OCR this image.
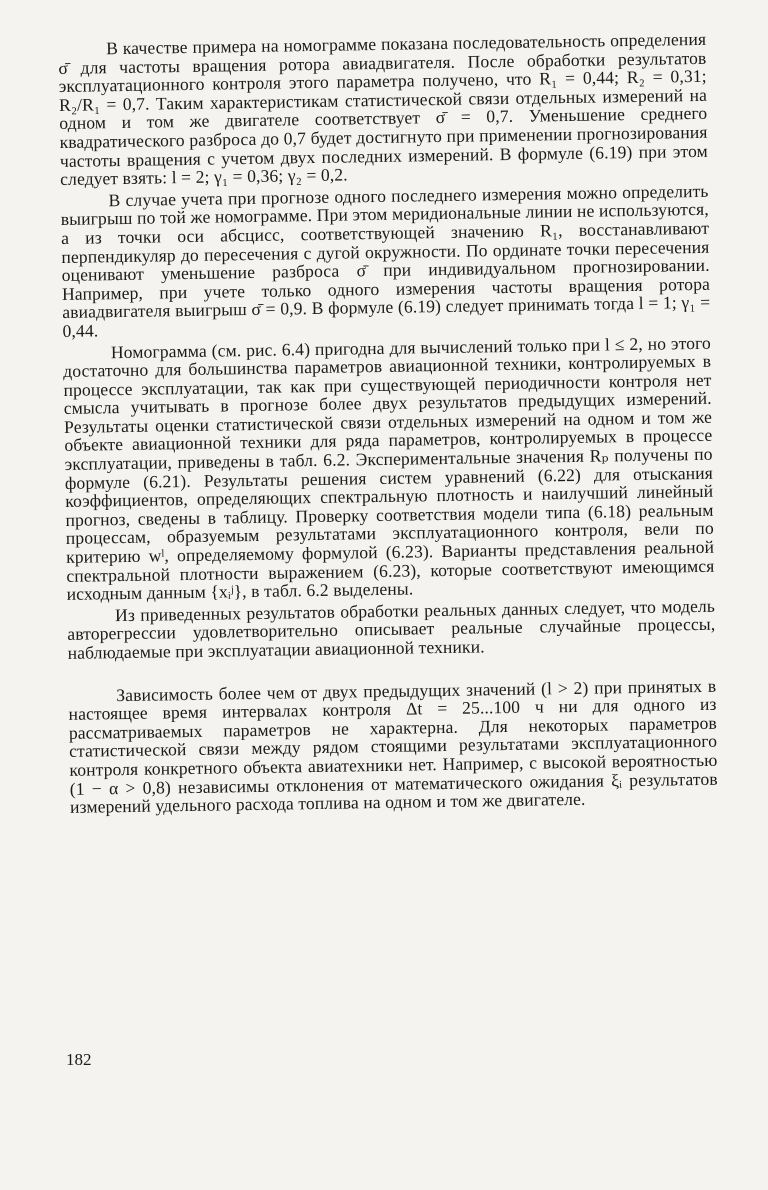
В качестве примера на номограмме показана последовательность определения σ̄ для частоты вращения ротора авиадвигателя. После обработки результатов эксплуатационного контроля этого параметра получено, что R₁ = 0,44; R₂ = 0,31; R₂/R₁ = 0,7. Таким характеристикам статистической связи отдельных измерений на одном и том же двигателе соответствует σ̄ = 0,7. Уменьшение среднего квадратического разброса до 0,7 будет достигнуто при применении прогнозирования частоты вращения с учетом двух последних измерений. В формуле (6.19) при этом следует взять: l = 2; γ₁ = 0,36; γ₂ = 0,2.

В случае учета при прогнозе одного последнего измерения можно определить выигрыш по той же номограмме. При этом меридиональные линии не используются, а из точки оси абсцисс, соответствующей значению R₁, восстанавливают перпендикуляр до пересечения с дугой окружности. По ординате точки пересечения оценивают уменьшение разброса σ̄ при индивидуальном прогнозировании. Например, при учете только одного измерения частоты вращения ротора авиадвигателя выигрыш σ̄ = 0,9. В формуле (6.19) следует принимать тогда l = 1; γ₁ = 0,44.

Номограмма (см. рис. 6.4) пригодна для вычислений только при l ≤ 2, но этого достаточно для большинства параметров авиационной техники, контролируемых в процессе эксплуатации, так как при существующей периодичности контроля нет смысла учитывать в прогнозе более двух результатов предыдущих измерений. Результаты оценки статистической связи отдельных измерений на одном и том же объекте авиационной техники для ряда параметров, контролируемых в процессе эксплуатации, приведены в табл. 6.2. Экспериментальные значения Rₚ получены по формуле (6.21). Результаты решения систем уравнений (6.22) для отыскания коэффициентов, определяющих спектральную плотность и наилучший линейный прогноз, сведены в таблицу. Проверку соответствия модели типа (6.18) реальным процессам, образуемым результатами эксплуатационного контроля, вели по критерию wˡ, определяемому формулой (6.23). Варианты представления реальной спектральной плотности выражением (6.23), которые соответствуют имеющимся исходным данным {xᵢʲ}, в табл. 6.2 выделены.

Из приведенных результатов обработки реальных данных следует, что модель авторегрессии удовлетворительно описывает реальные случайные процессы, наблюдаемые при эксплуатации авиационной техники.

Зависимость более чем от двух предыдущих значений (l > 2) при принятых в настоящее время интервалах контроля Δt = 25...100 ч ни для одного из рассматриваемых параметров не характерна. Для некоторых параметров статистической связи между рядом стоящими результатами эксплуатационного контроля конкретного объекта авиатехники нет. Например, с высокой вероятностью (1 − α > 0,8) независимы отклонения от математического ожидания ξᵢ результатов измерений удельного расхода топлива на одном и том же двигателе.

182
